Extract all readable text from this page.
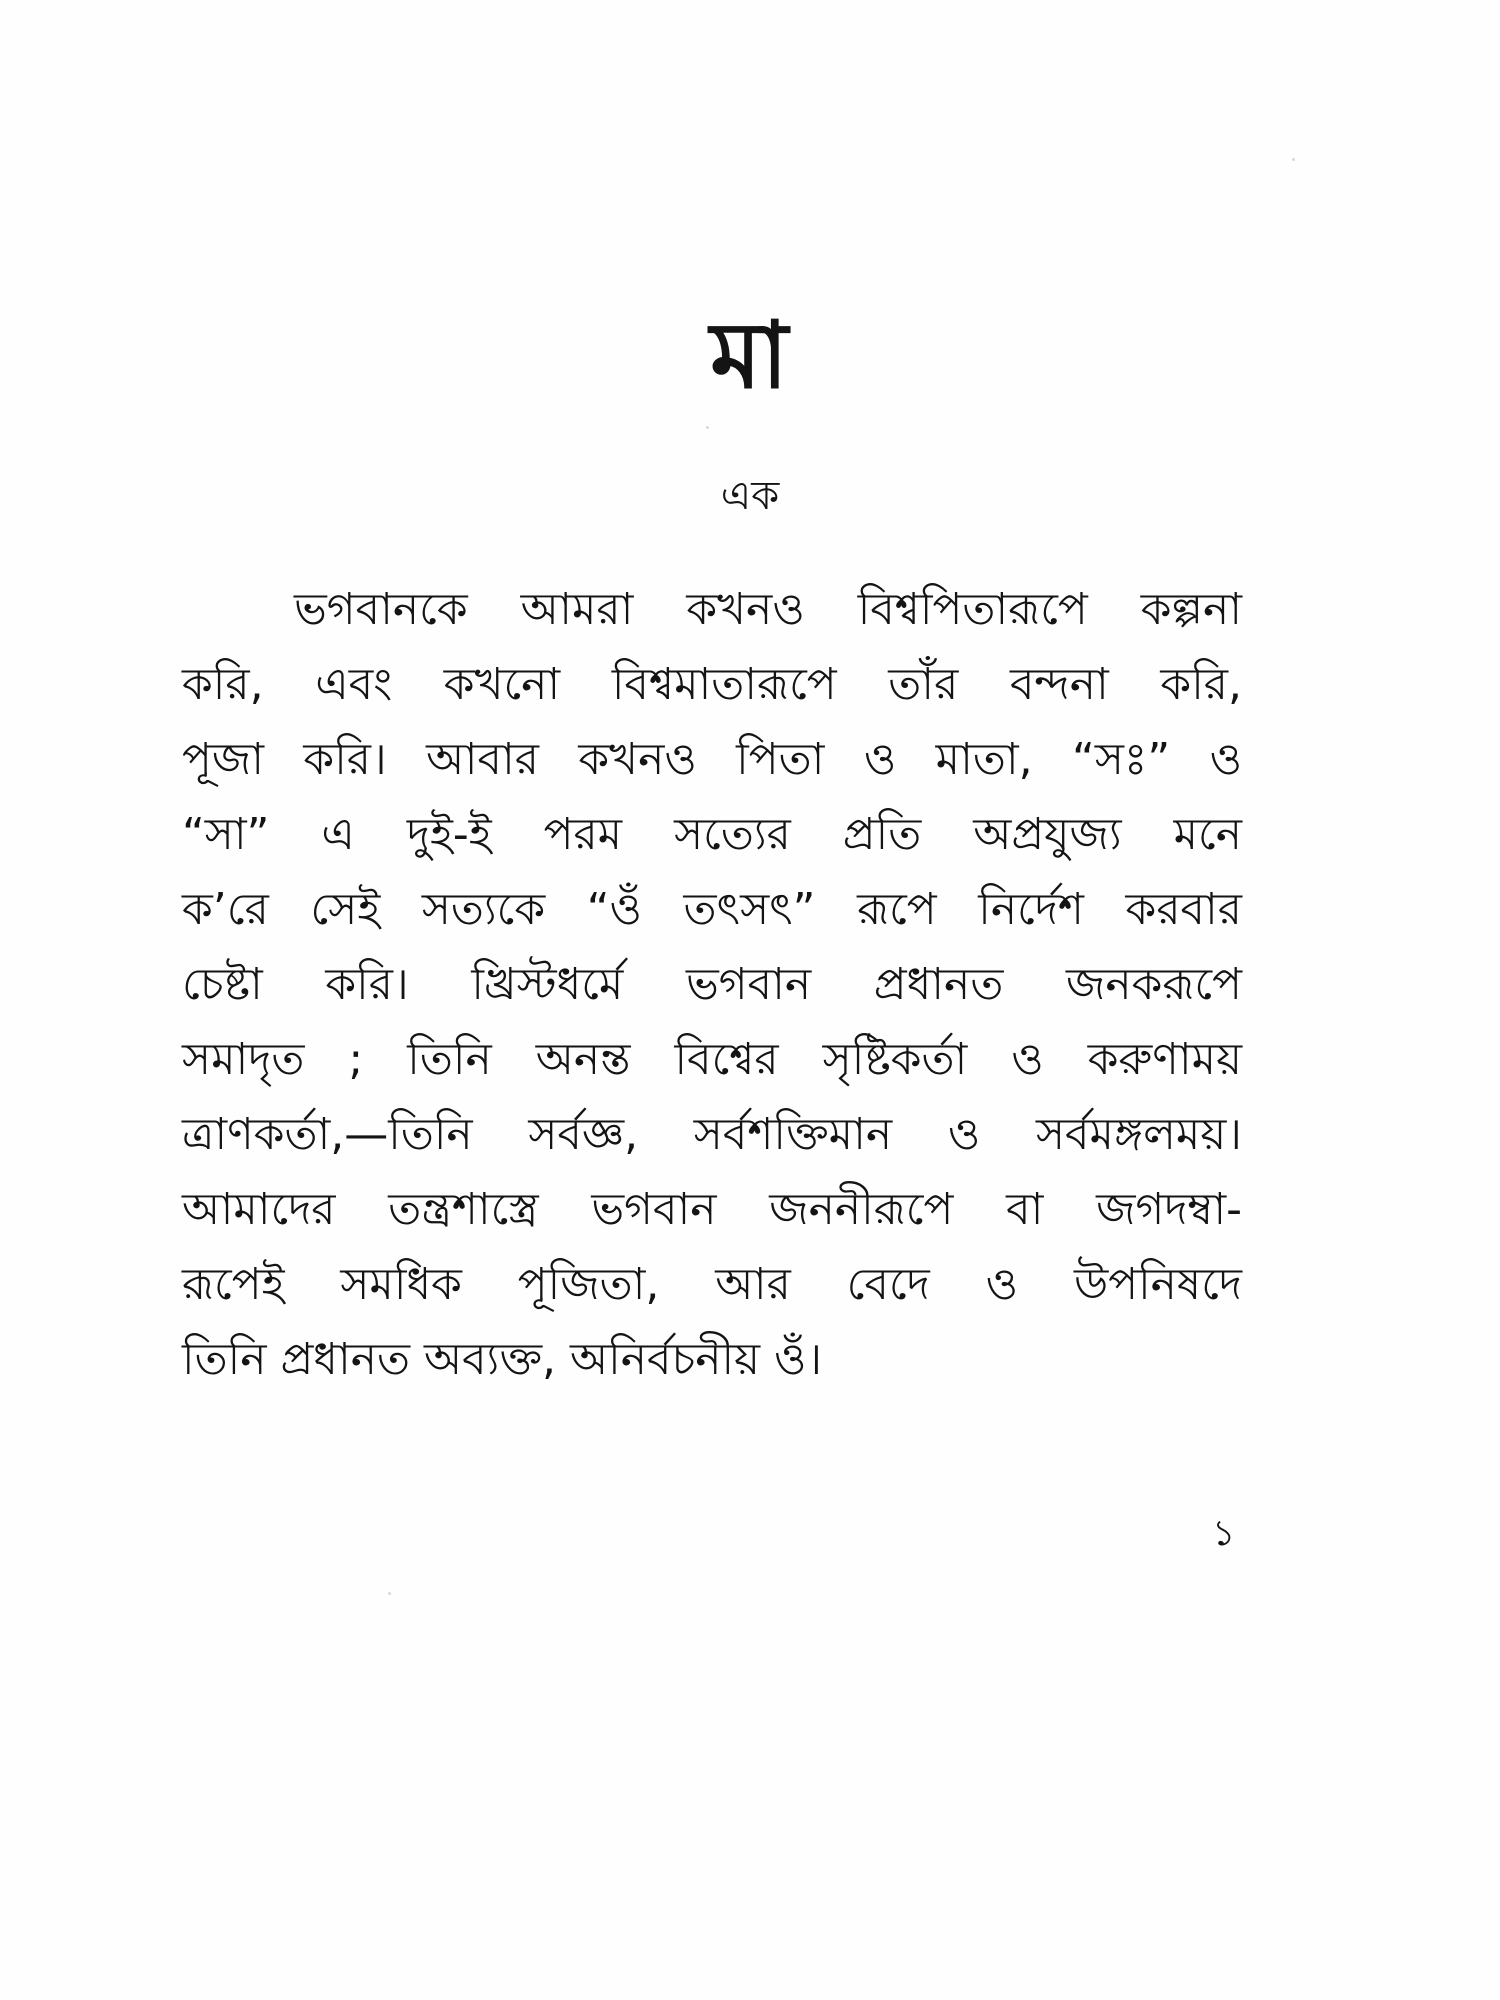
মা
এক
ভগবানকে আমরা কখনও বিশ্বপিতারূপে কল্পনা
করি, এবং কখনো বিশ্বমাতারূপে তাঁর বন্দনা করি,
পূজা করি। আবার কখনও পিতা ও মাতা, “সঃ” ও
“সা” এ দুই-ই পরম সত্যের প্রতি অপ্রযুজ্য মনে
ক’রে সেই সত্যকে “ওঁ তৎসৎ” রূপে নির্দেশ করবার
চেষ্টা করি। খ্রিস্টধর্মে ভগবান প্রধানত জনকরূপে
সমাদৃত ; তিনি অনন্ত বিশ্বের সৃষ্টিকর্তা ও করুণাময়
ত্রাণকর্তা,—তিনি সর্বজ্ঞ, সর্বশক্তিমান ও সর্বমঙ্গলময়।
আমাদের তন্ত্রশাস্ত্রে ভগবান জননীরূপে বা জগদম্বা-
রূপেই সমধিক পূজিতা, আর বেদে ও উপনিষদে
তিনি প্রধানত অব্যক্ত, অনির্বচনীয় ওঁ।
১
